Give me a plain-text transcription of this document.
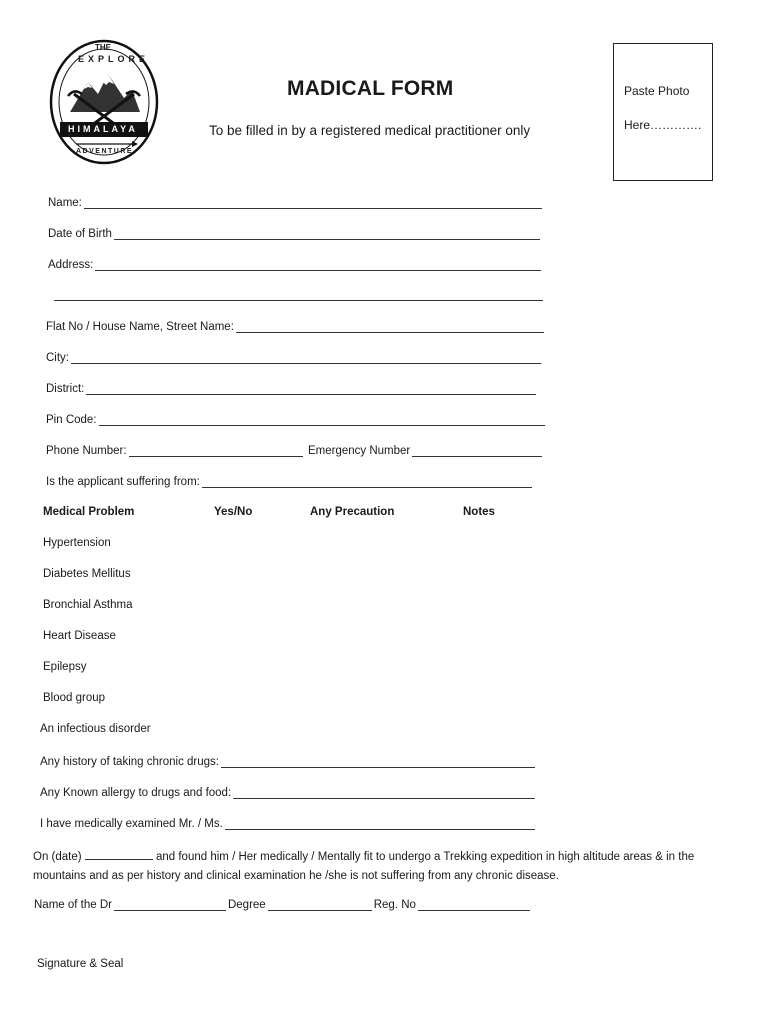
THE
EXPLORE
HIMALAYA
ADVENTURE
MADICAL FORM
To be filled in by a registered medical practitioner only
Paste Photo
Here………….
Name:
Date of Birth
Address:
Flat No / House Name, Street Name:
City:
District:
Pin Code:
Phone Number:	Emergency Number
Is the applicant suffering from:
Medical Problem	Yes/No	Any Precaution	Notes
Hypertension
Diabetes Mellitus
Bronchial Asthma
Heart Disease
Epilepsy
Blood group
An infectious disorder
Any history of taking chronic drugs:
Any Known allergy to drugs and food:
I have medically examined Mr. / Ms.
On (date)	and found him / Her medically / Mentally fit to undergo a Trekking expedition in high altitude areas & in the mountains and as per history and clinical examination he /she is not suffering from any chronic disease.
Name of the Dr	Degree	Reg. No
Signature & Seal
